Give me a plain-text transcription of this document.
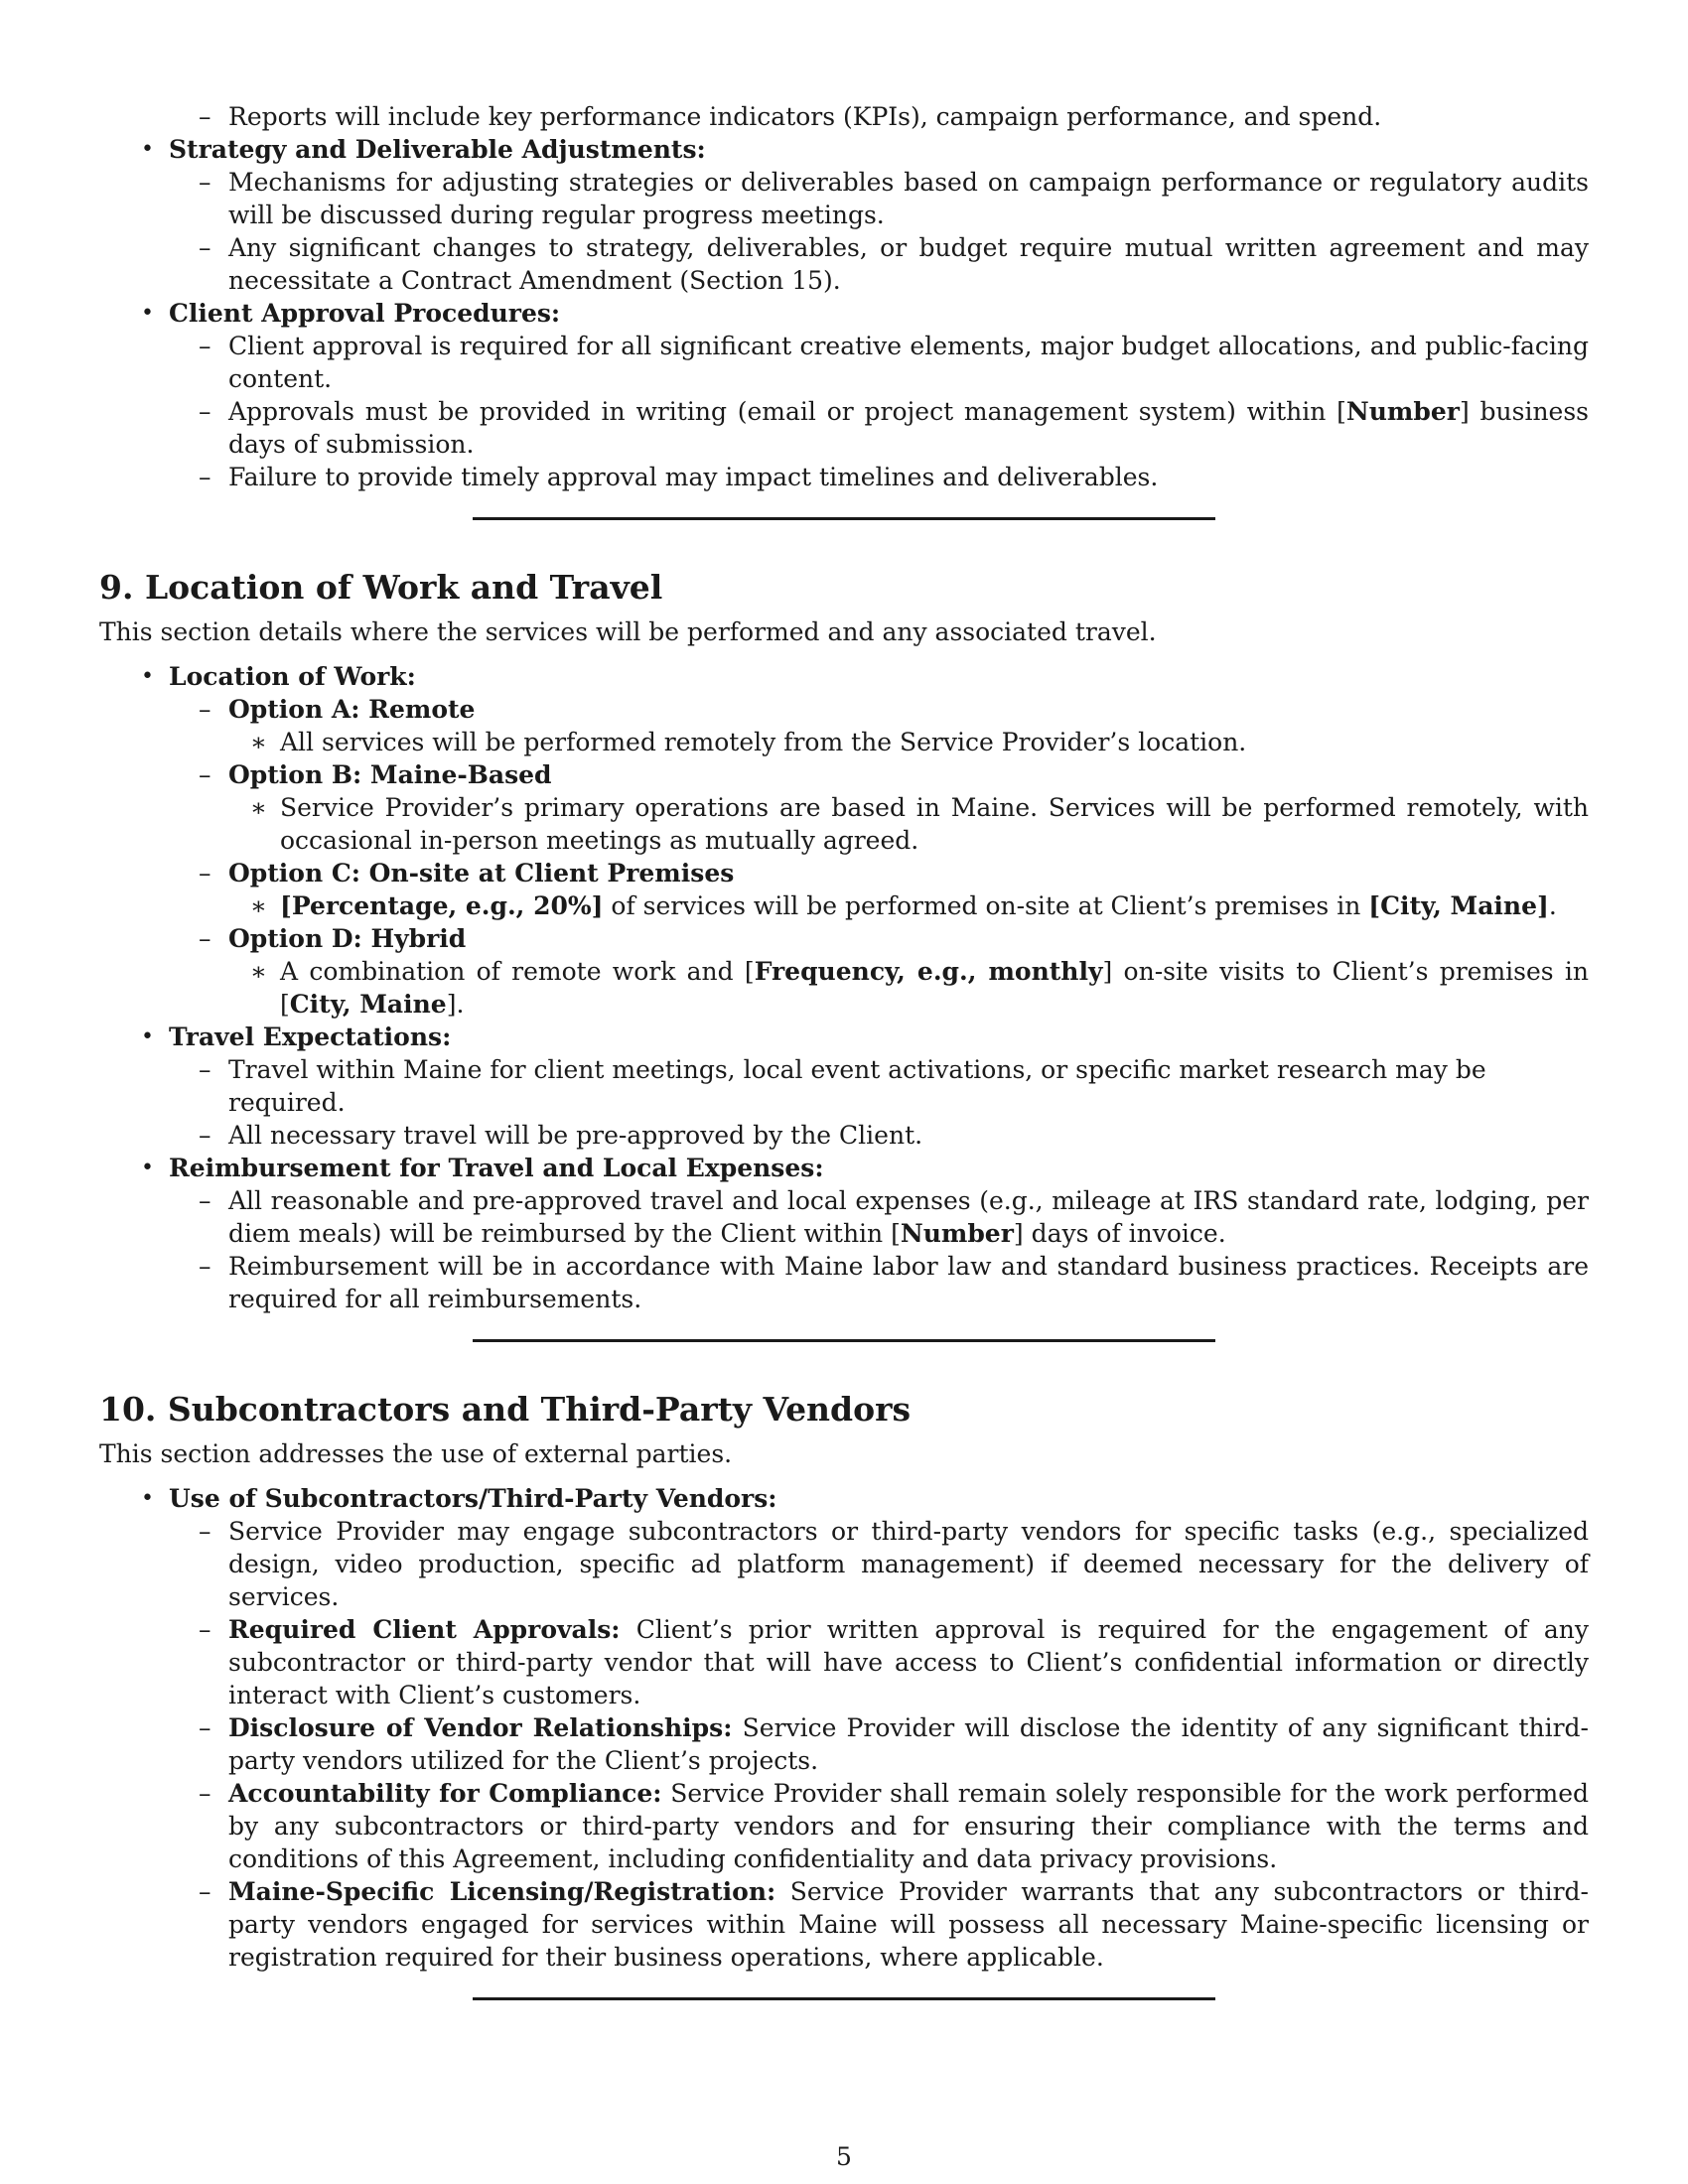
– Reports will include key performance indicators (KPIs), campaign performance, and spend.

• Strategy and Deliverable Adjustments:

– Mechanisms for adjusting strategies or deliverables based on campaign performance or regulatory audits will be discussed during regular progress meetings.

– Any significant changes to strategy, deliverables, or budget require mutual written agreement and may necessitate a Contract Amendment (Section 15).

• Client Approval Procedures:

– Client approval is required for all significant creative elements, major budget allocations, and public-facing content.

– Approvals must be provided in writing (email or project management system) within [Number] business days of submission.

– Failure to provide timely approval may impact timelines and deliverables.

9. Location of Work and Travel

This section details where the services will be performed and any associated travel.

• Location of Work:

– Option A: Remote

∗ All services will be performed remotely from the Service Provider’s location.

– Option B: Maine-Based

∗ Service Provider’s primary operations are based in Maine. Services will be performed remotely, with occasional in-person meetings as mutually agreed.

– Option C: On-site at Client Premises

∗ [Percentage, e.g., 20%] of services will be performed on-site at Client’s premises in [City, Maine].

– Option D: Hybrid

∗ A combination of remote work and [Frequency, e.g., monthly] on-site visits to Client’s premises in [City, Maine].

• Travel Expectations:

– Travel within Maine for client meetings, local event activations, or specific market research may be required.

– All necessary travel will be pre-approved by the Client.

• Reimbursement for Travel and Local Expenses:

– All reasonable and pre-approved travel and local expenses (e.g., mileage at IRS standard rate, lodging, per diem meals) will be reimbursed by the Client within [Number] days of invoice.

– Reimbursement will be in accordance with Maine labor law and standard business practices. Receipts are required for all reimbursements.

10. Subcontractors and Third-Party Vendors

This section addresses the use of external parties.

• Use of Subcontractors/Third-Party Vendors:

– Service Provider may engage subcontractors or third-party vendors for specific tasks (e.g., specialized design, video production, specific ad platform management) if deemed necessary for the delivery of services.

– Required Client Approvals: Client’s prior written approval is required for the engagement of any subcontractor or third-party vendor that will have access to Client’s confidential information or directly interact with Client’s customers.

– Disclosure of Vendor Relationships: Service Provider will disclose the identity of any significant third-party vendors utilized for the Client’s projects.

– Accountability for Compliance: Service Provider shall remain solely responsible for the work performed by any subcontractors or third-party vendors and for ensuring their compliance with the terms and conditions of this Agreement, including confidentiality and data privacy provisions.

– Maine-Specific Licensing/Registration: Service Provider warrants that any subcontractors or third-party vendors engaged for services within Maine will possess all necessary Maine-specific licensing or registration required for their business operations, where applicable.

5
